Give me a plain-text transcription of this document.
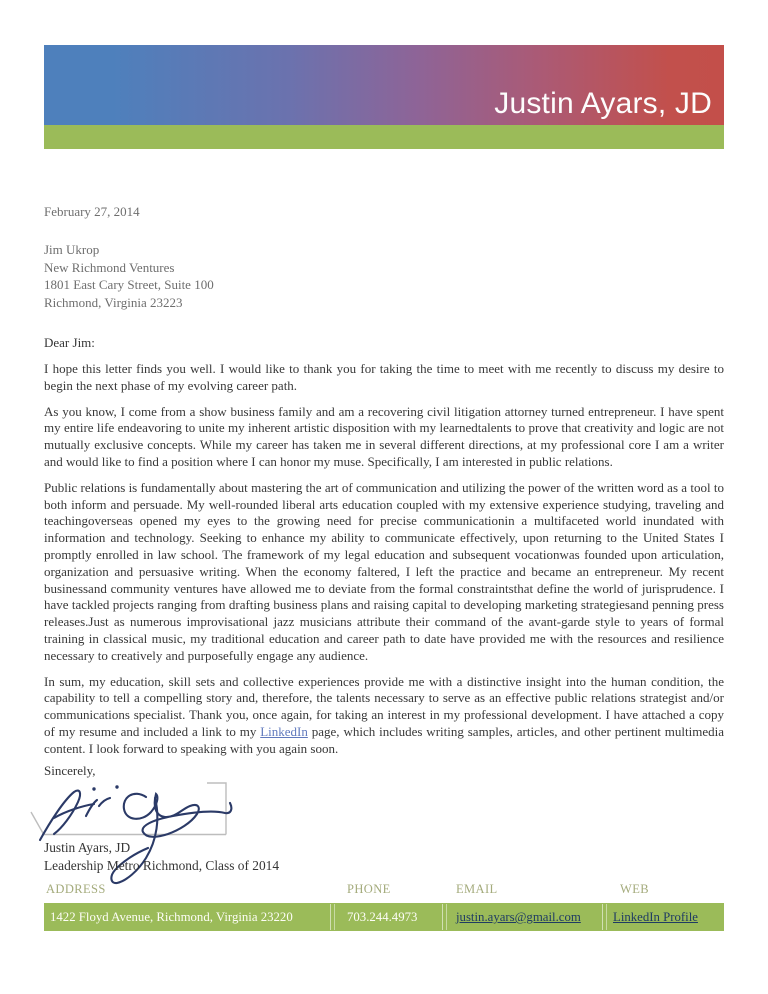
Justin Ayars, JD

February 27, 2014

Jim Ukrop
New Richmond Ventures
1801 East Cary Street, Suite 100
Richmond, Virginia 23223

Dear Jim:

I hope this letter finds you well. I would like to thank you for taking the time to meet with me recently to discuss my desire to begin the next phase of my evolving career path.

As you know, I come from a show business family and am a recovering civil litigation attorney turned entrepreneur. I have spent my entire life endeavoring to unite my inherent artistic disposition with my learnedtalents to prove that creativity and logic are not mutually exclusive concepts. While my career has taken me in several different directions, at my professional core I am a writer and would like to find a position where I can honor my muse. Specifically, I am interested in public relations.

Public relations is fundamentally about mastering the art of communication and utilizing the power of the written word as a tool to both inform and persuade. My well-rounded liberal arts education coupled with my extensive experience studying, traveling and teachingoverseas opened my eyes to the growing need for precise communicationin a multifaceted world inundated with information and technology. Seeking to enhance my ability to communicate effectively, upon returning to the United States I promptly enrolled in law school. The framework of my legal education and subsequent vocationwas founded upon articulation, organization and persuasive writing. When the economy faltered, I left the practice and became an entrepreneur. My recent businessand community ventures have allowed me to deviate from the formal constraintsthat define the world of jurisprudence. I have tackled projects ranging from drafting business plans and raising capital to developing marketing strategiesand penning press releases.Just as numerous improvisational jazz musicians attribute their command of the avant-garde style to years of formal training in classical music, my traditional education and career path to date have provided me with the resources and resilience necessary to creatively and purposefully engage any audience.

In sum, my education, skill sets and collective experiences provide me with a distinctive insight into the human condition, the capability to tell a compelling story and, therefore, the talents necessary to serve as an effective public relations strategist and/or communications specialist. Thank you, once again, for taking an interest in my professional development. I have attached a copy of my resume and included a link to my LinkedIn page, which includes writing samples, articles, and other pertinent multimedia content. I look forward to speaking with you again soon.

Sincerely,

Justin Ayars, JD

Leadership Metro Richmond, Class of 2014

ADDRESS	PHONE	EMAIL	WEB
1422 Floyd Avenue, Richmond, Virginia 23220	703.244.4973	justin.ayars@gmail.com	LinkedIn Profile
